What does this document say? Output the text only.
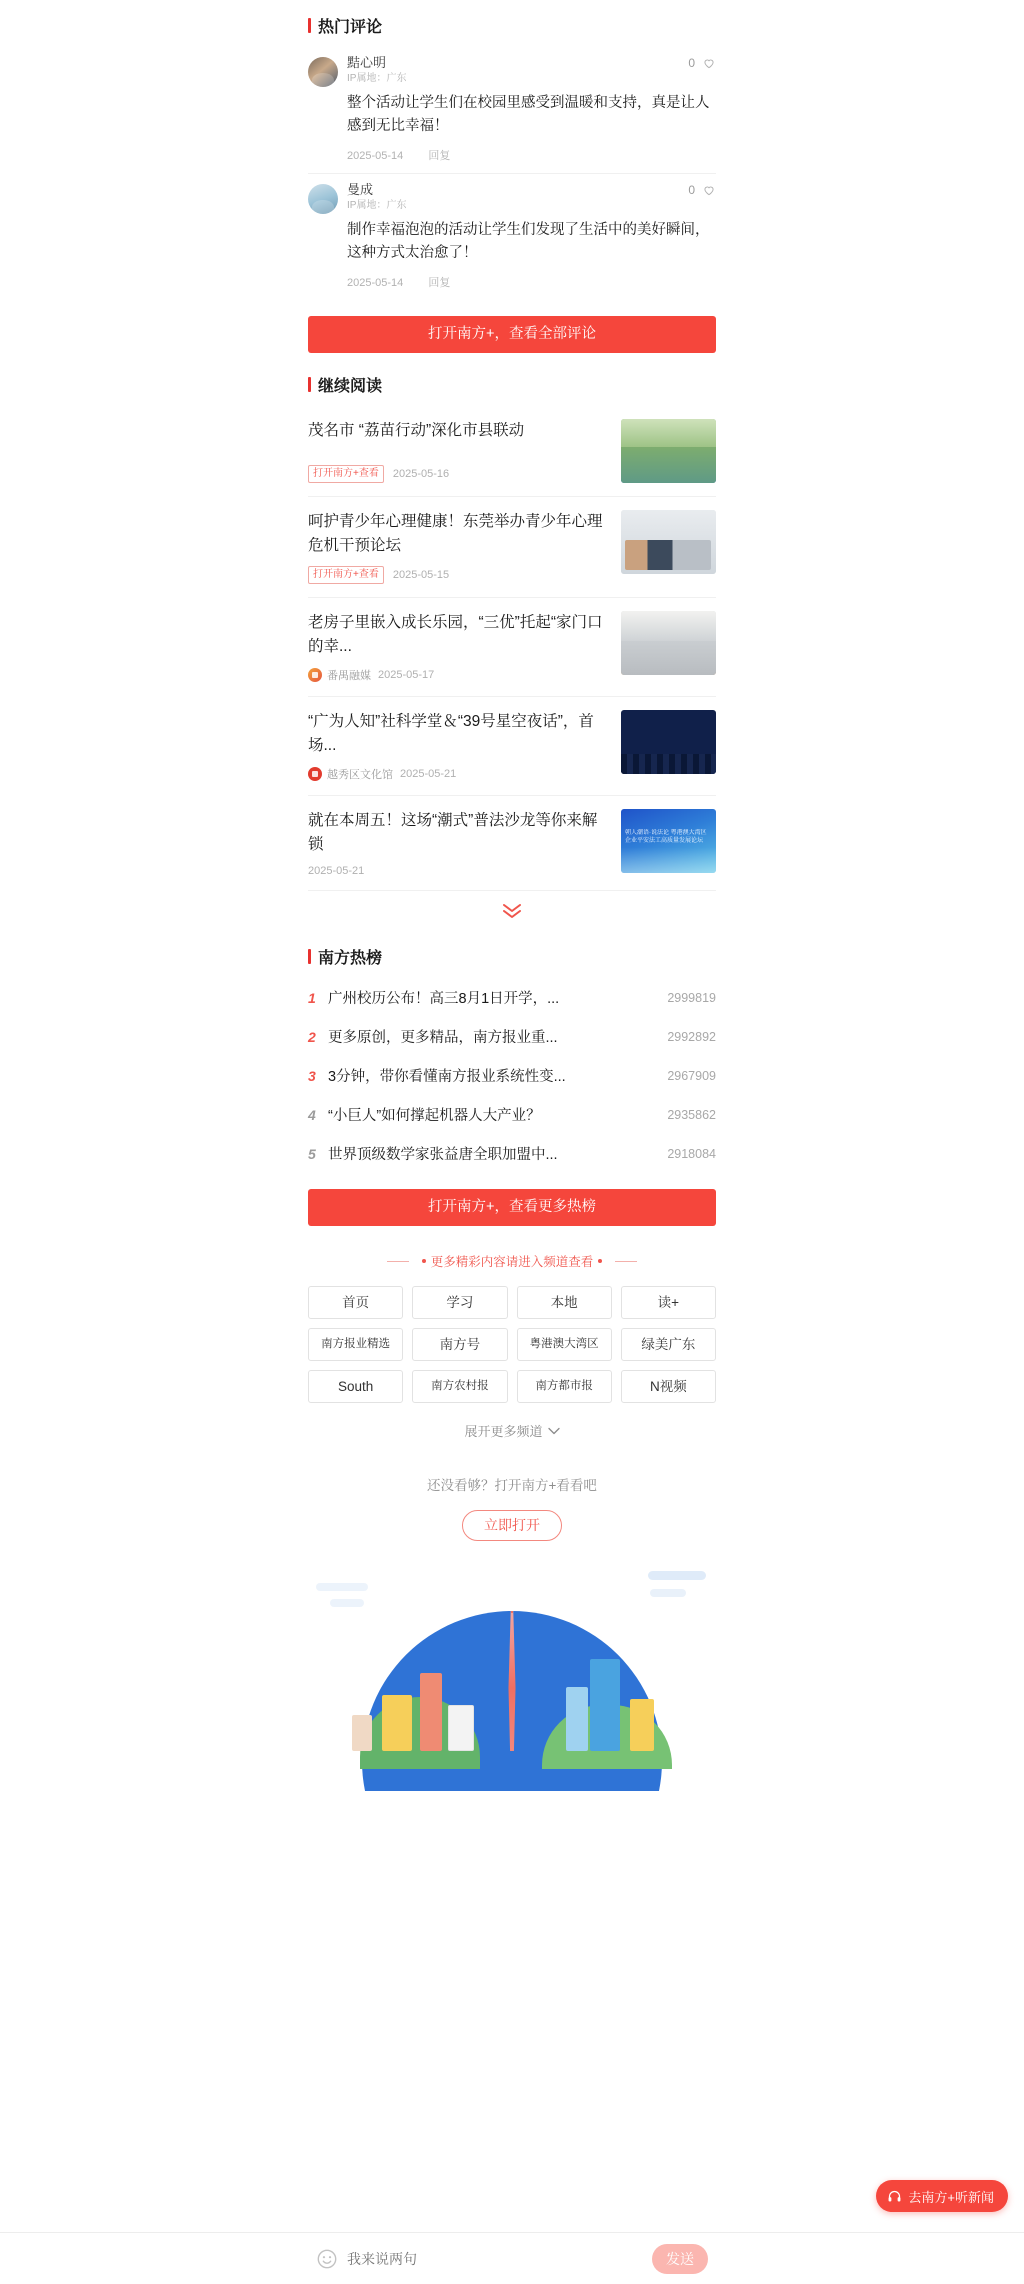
热门评论
黠心明
IP属地：广东
0
整个活动让学生们在校园里感受到温暖和支持，真是让人感到无比幸福！
2025-05-14 回复
曼成
IP属地：广东
0
制作幸福泡泡的活动让学生们发现了生活中的美好瞬间，这种方式太治愈了！
2025-05-14 回复
打开南方+，查看全部评论
继续阅读
茂名市 “荔苗行动”深化市县联动
打开南方+查看	2025-05-16
呵护青少年心理健康！东莞举办青少年心理危机干预论坛
打开南方+查看	2025-05-15
老房子里嵌入成长乐园，“三优”托起“家门口的幸...
番禺融媒 2025-05-17
“广为人知”社科学堂＆“39号星空夜话”，首场...
越秀区文化馆 2025-05-21
就在本周五！这场“潮式”普法沙龙等你来解锁
2025-05-21
潮人潮语·说法论 朝人潮语·说法论 粤港澳大湾区企业平安法工高质量发展论坛
南方热榜
1 广州校历公布！高三8月1日开学，...	2999819
2 更多原创，更多精品，南方报业重...	2992892
3 3分钟，带你看懂南方报业系统性变...	2967909
4 “小巨人”如何撑起机器人大产业？	2935862
5 世界顶级数学家张益唐全职加盟中...	2918084
打开南方+，查看更多热榜
更多精彩内容请进入频道查看
首页	学习	本地	读+
南方报业精选	南方号	粤港澳大湾区	绿美广东
South	南方农村报	南方都市报	N视频
展开更多频道
还没看够？打开南方+看看吧
立即打开
去南方+听新闻
我来说两句
发送
